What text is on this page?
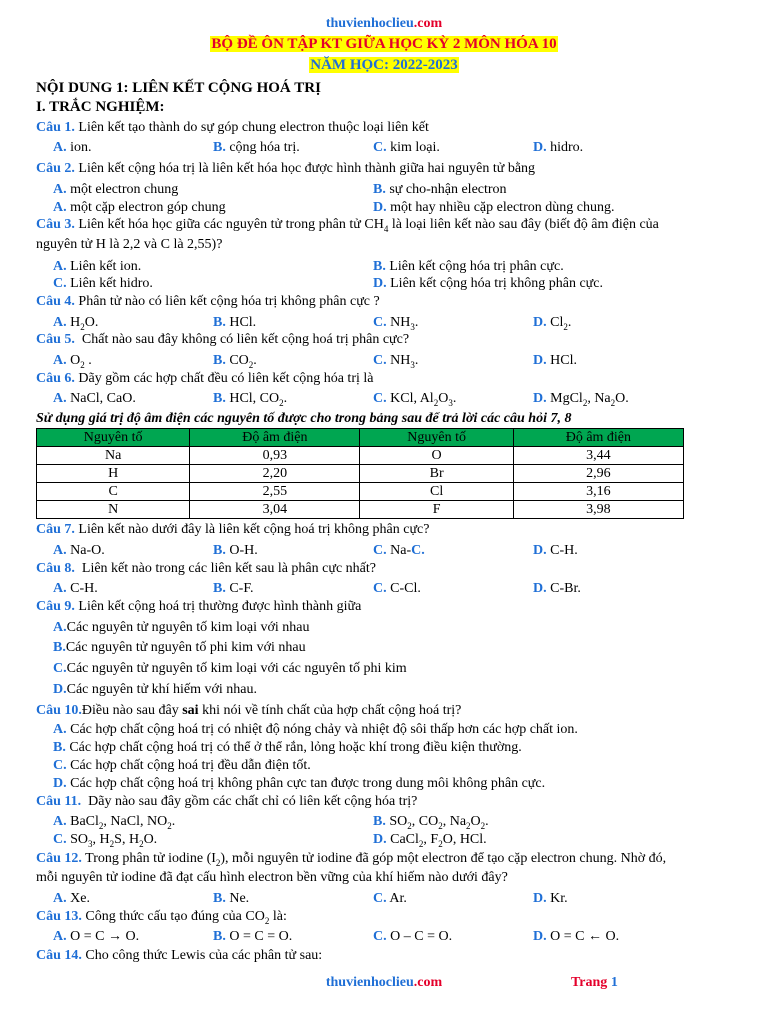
thuvienhoclieu.com
BỘ ĐỀ ÔN TẬP KT GIỮA HỌC KỲ 2 MÔN HÓA 10
NĂM HỌC: 2022-2023
NỘI DUNG 1: LIÊN KẾT CỘNG HOÁ TRỊ
I. TRẮC NGHIỆM:
Câu 1. Liên kết tạo thành do sự góp chung electron thuộc loại liên kết
A. ion.	B. cộng hóa trị.	C. kim loại.	D. hidro.
Câu 2. Liên kết cộng hóa trị là liên kết hóa học được hình thành giữa hai nguyên tử bằng
A. một electron chung	B. sự cho-nhận electron
A. một cặp electron góp chung	D. một hay nhiều cặp electron dùng chung.
Câu 3. Liên kết hóa học giữa các nguyên tử trong phân tử $CH_4$ là loại liên kết nào sau đây (biết độ âm điện của
nguyên tử H là 2,2 và C là 2,55)?
A. Liên kết ion.	B. Liên kết cộng hóa trị phân cực.
C. Liên kết hidro.	D. Liên kết cộng hóa trị không phân cực.
Câu 4. Phân tử nào có liên kết cộng hóa trị không phân cực ?
A. $H_2O$.	B. HCl.	C. $NH_3$.	D. $Cl_2$.
Câu 5. Chất nào sau đây không có liên kết cộng hoá trị phân cực?
A. $O_2$ .	B. $CO_2$.	C. $NH_3$.	D. HCl.
Câu 6. Dãy gồm các hợp chất đều có liên kết cộng hóa trị là
A. NaCl, CaO.	B. HCl, $CO_2$.	C. KCl, $Al_2O_3$.	D. MgCl$_2$, $Na_2O$.
Sử dụng giá trị độ âm điện các nguyên tố được cho trong bảng sau để trả lời các câu hỏi 7, 8
Nguyên tố	Độ âm điện	Nguyên tố	Độ âm điện
Na	0,93	O	3,44
H	2,20	Br	2,96
C	2,55	Cl	3,16
N	3,04	F	3,98
Câu 7. Liên kết nào dưới đây là liên kết cộng hoá trị không phân cực?
A. Na-O.	B. O-H.	C. Na-C.	D. C-H.
Câu 8. Liên kết nào trong các liên kết sau là phân cực nhất?
A. C-H.	B. C-F.	C. C-Cl.	D. C-Br.
Câu 9. Liên kết cộng hoá trị thường được hình thành giữa
A.Các nguyên tử nguyên tố kim loại với nhau
B.Các nguyên tử nguyên tố phi kim với nhau
C.Các nguyên tử nguyên tố kim loại với các nguyên tố phi kim
D.Các nguyên tử khí hiếm với nhau.
Câu 10.Điều nào sau đây sai khi nói về tính chất của hợp chất cộng hoá trị?
A. Các hợp chất cộng hoá trị có nhiệt độ nóng chảy và nhiệt độ sôi thấp hơn các hợp chất ion.
B. Các hợp chất cộng hoá trị có thể ở thể rắn, lỏng hoặc khí trong điều kiện thường.
C. Các hợp chất cộng hoá trị đều dẫn điện tốt.
D. Các hợp chất cộng hoá trị không phân cực tan được trong dung môi không phân cực.
Câu 11. Dãy nào sau đây gồm các chất chỉ có liên kết cộng hóa trị?
A. BaCl$_2$, NaCl, $NO_2$.	B. $SO_2$, $CO_2$, $Na_2O_2$.
C. $SO_3$, $H_2S$, $H_2O$.	D. CaCl$_2$, $F_2O$, HCl.
Câu 12. Trong phân tử iodine $(I_2)$, mỗi nguyên tử iodine đã góp một electron để tạo cặp electron chung. Nhờ đó,
mỗi nguyên tử iodine đã đạt cấu hình electron bền vững của khí hiếm nào dưới đây?
A. Xe.	B. Ne.	C. Ar.	D. Kr.
Câu 13. Công thức cấu tạo đúng của $CO_2$ là:
A. O = C → O.	B. O = C = O.	C. O – C = O.	D. O = C ← O.
Câu 14. Cho công thức Lewis của các phân tử sau:
thuvienhoclieu.com	Trang 1
